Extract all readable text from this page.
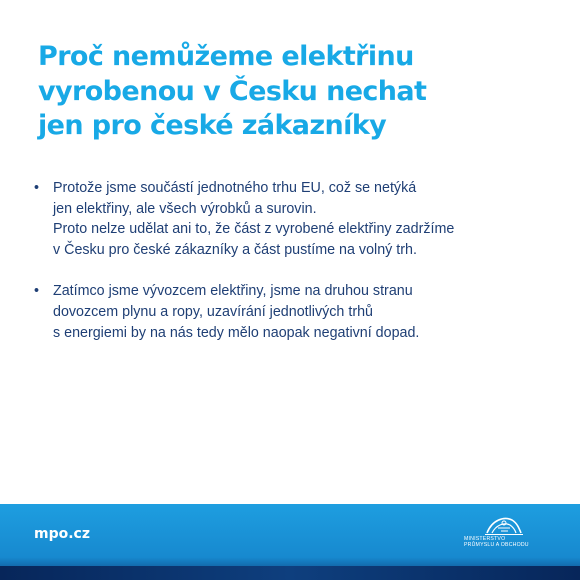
Proč nemůžeme elektřinu
vyrobenou v Česku nechat
jen pro české zákazníky
• Protože jsme součástí jednotného trhu EU, což se netýká
jen elektřiny, ale všech výrobků a surovin.
Proto nelze udělat ani to, že část z vyrobené elektřiny zadržíme
v Česku pro české zákazníky a část pustíme na volný trh.
• Zatímco jsme vývozcem elektřiny, jsme na druhou stranu
dovozcem plynu a ropy, uzavírání jednotlivých trhů
s energiemi by na nás tedy mělo naopak negativní dopad.
mpo.cz	MINISTERSTVO
PRŮMYSLU A OBCHODU
